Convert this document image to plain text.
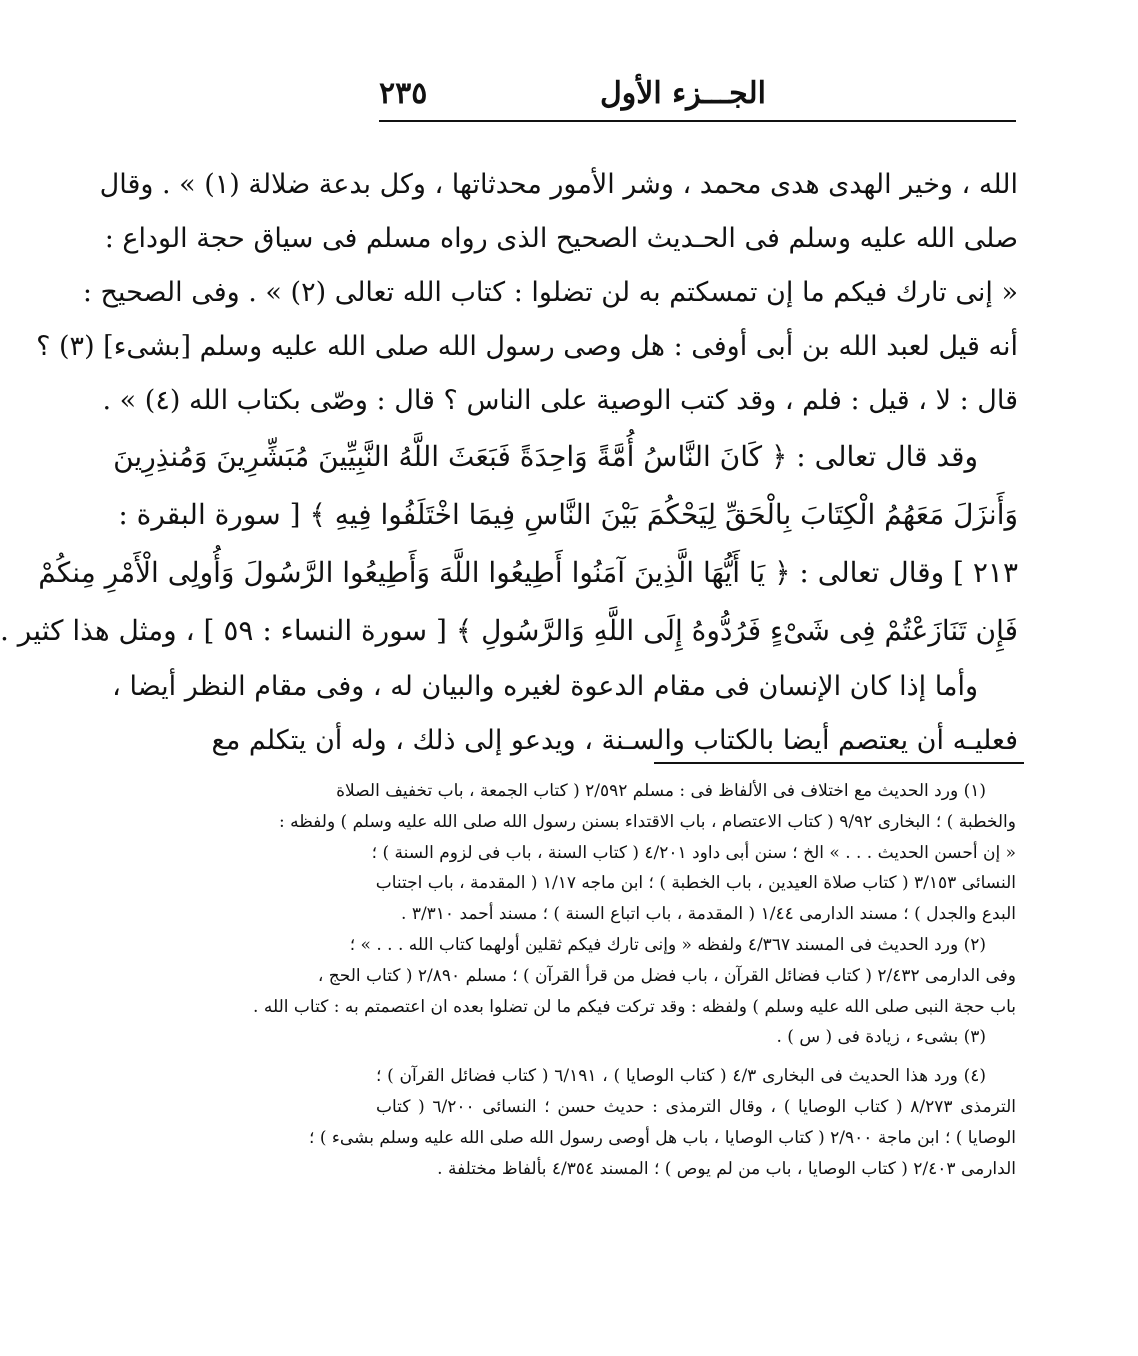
الجـــزء الأول
٢٣٥
الله ، وخير الهدى هدى محمد ، وشر الأمور محدثاتها ، وكل بدعة ضلالة (١) » . وقال
صلى الله عليه وسلم فى الحـديث الصحيح الذى رواه مسلم فى سياق حجة الوداع :
« إنى تارك فيكم ما إن تمسكتم به لن تضلوا : كتاب الله تعالى (٢) » . وفى الصحيح :
أنه قيل لعبد الله بن أبى أوفى : هل وصى رسول الله صلى الله عليه وسلم [بشىء] (٣) ؟
قال : لا ، قيل : فلم ، وقد كتب الوصية على الناس ؟ قال : وصّى بكتاب الله (٤) » .
وقد قال تعالى : ﴿ كَانَ النَّاسُ أُمَّةً وَاحِدَةً فَبَعَثَ اللَّهُ النَّبِيِّينَ مُبَشِّرِينَ وَمُنذِرِينَ
وَأَنزَلَ مَعَهُمُ الْكِتَابَ بِالْحَقِّ لِيَحْكُمَ بَيْنَ النَّاسِ فِيمَا اخْتَلَفُوا فِيهِ ﴾ [ سورة البقرة :
٢١٣ ] وقال تعالى : ﴿ يَا أَيُّهَا الَّذِينَ آمَنُوا أَطِيعُوا اللَّهَ وَأَطِيعُوا الرَّسُولَ وَأُولِى الْأَمْرِ مِنكُمْ
فَإِن تَنَازَعْتُمْ فِى شَىْءٍ فَرُدُّوهُ إِلَى اللَّهِ وَالرَّسُولِ ﴾ [ سورة النساء : ٥٩ ] ، ومثل هذا كثير .
وأما إذا كان الإنسان فى مقام الدعوة لغيره والبيان له ، وفى مقام النظر أيضا ،
فعليـه أن يعتصم أيضا بالكتاب والسـنة ، ويدعو إلى ذلك ، وله أن يتكلم مع
(١) ورد الحديث مع اختلاف فى الألفاظ فى : مسلم ٢/٥٩٢ ( كتاب الجمعة ، باب تخفيف الصلاة
والخطبة ) ؛ البخارى ٩/٩٢ ( كتاب الاعتصام ، باب الاقتداء بسنن رسول الله صلى الله عليه وسلم ) ولفظه :
« إن أحسن الحديث . . . » الخ ؛ سنن أبى داود ٤/٢٠١ ( كتاب السنة ، باب فى لزوم السنة ) ؛
النسائى ٣/١٥٣ ( كتاب صلاة العيدين ، باب الخطبة ) ؛ ابن ماجه ١/١٧ ( المقدمة ، باب اجتناب
البدع والجدل ) ؛ مسند الدارمى ١/٤٤ ( المقدمة ، باب اتباع السنة ) ؛ مسند أحمد ٣/٣١٠ .
(٢) ورد الحديث فى المسند ٤/٣٦٧ ولفظه « وإنى تارك فيكم ثقلين أولهما كتاب الله . . . » ؛
وفى الدارمى ٢/٤٣٢ ( كتاب فضائل القرآن ، باب فضل من قرأ القرآن ) ؛ مسلم ٢/٨٩٠ ( كتاب الحج ،
باب حجة النبى صلى الله عليه وسلم ) ولفظه : وقد تركت فيكم ما لن تضلوا بعده ان اعتصمتم به : كتاب الله .
(٣) بشىء ، زيادة فى ( س ) .
(٤) ورد هذا الحديث فى البخارى ٤/٣ ( كتاب الوصايا ) ، ٦/١٩١ ( كتاب فضائل القرآن ) ؛
الترمذى ٨/٢٧٣ ( كتاب الوصايا ) ، وقال الترمذى : حديث حسن ؛ النسائى ٦/٢٠٠ ( كتاب
الوصايا ) ؛ ابن ماجة ٢/٩٠٠ ( كتاب الوصايا ، باب هل أوصى رسول الله صلى الله عليه وسلم بشىء ) ؛
الدارمى ٢/٤٠٣ ( كتاب الوصايا ، باب من لم يوص ) ؛ المسند ٤/٣٥٤ بألفاظ مختلفة .
